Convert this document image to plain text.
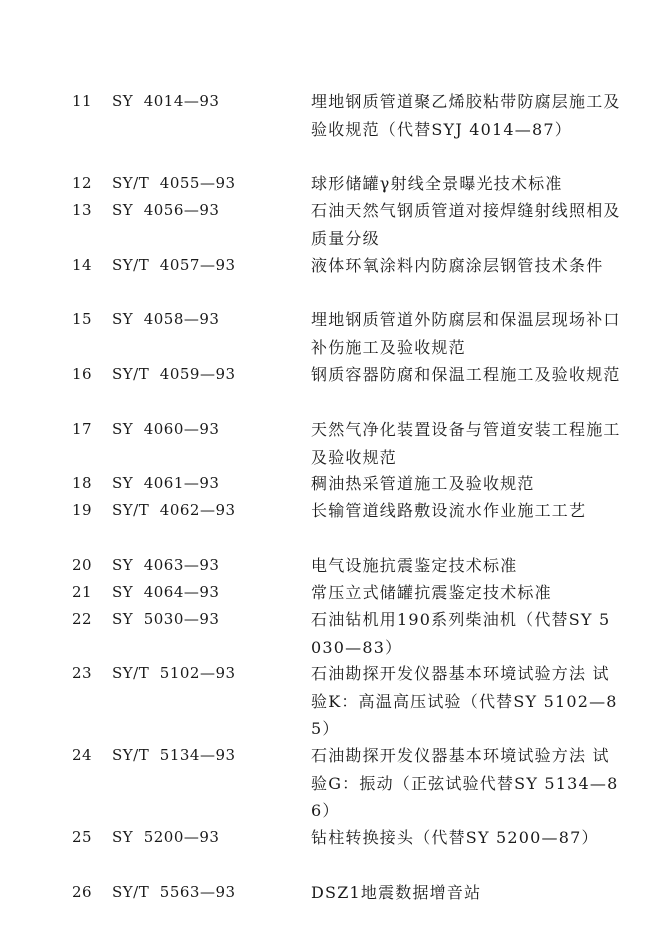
11	SY  4014—93	埋地钢质管道聚乙烯胶粘带防腐层施工及验收规范（代替SYJ 4014—87）
12	SY/T  4055—93	球形储罐γ射线全景曝光技术标准
13	SY  4056—93	石油天然气钢质管道对接焊缝射线照相及质量分级
14	SY/T  4057—93	液体环氧涂料内防腐涂层钢管技术条件
15	SY  4058—93	埋地钢质管道外防腐层和保温层现场补口补伤施工及验收规范
16	SY/T  4059—93	钢质容器防腐和保温工程施工及验收规范
17	SY  4060—93	天然气净化装置设备与管道安装工程施工及验收规范
18	SY  4061—93	稠油热采管道施工及验收规范
19	SY/T  4062—93	长输管道线路敷设流水作业施工工艺
20	SY  4063—93	电气设施抗震鉴定技术标准
21	SY  4064—93	常压立式储罐抗震鉴定技术标准
22	SY  5030—93	石油钻机用190系列柴油机（代替SY 5030—83）
23	SY/T  5102—93	石油勘探开发仪器基本环境试验方法 试验K：高温高压试验（代替SY 5102—85）
24	SY/T  5134—93	石油勘探开发仪器基本环境试验方法 试验G：振动（正弦试验代替SY 5134—86）
25	SY  5200—93	钻柱转换接头（代替SY 5200—87）
26	SY/T  5563—93	DSZ1地震数据增音站
